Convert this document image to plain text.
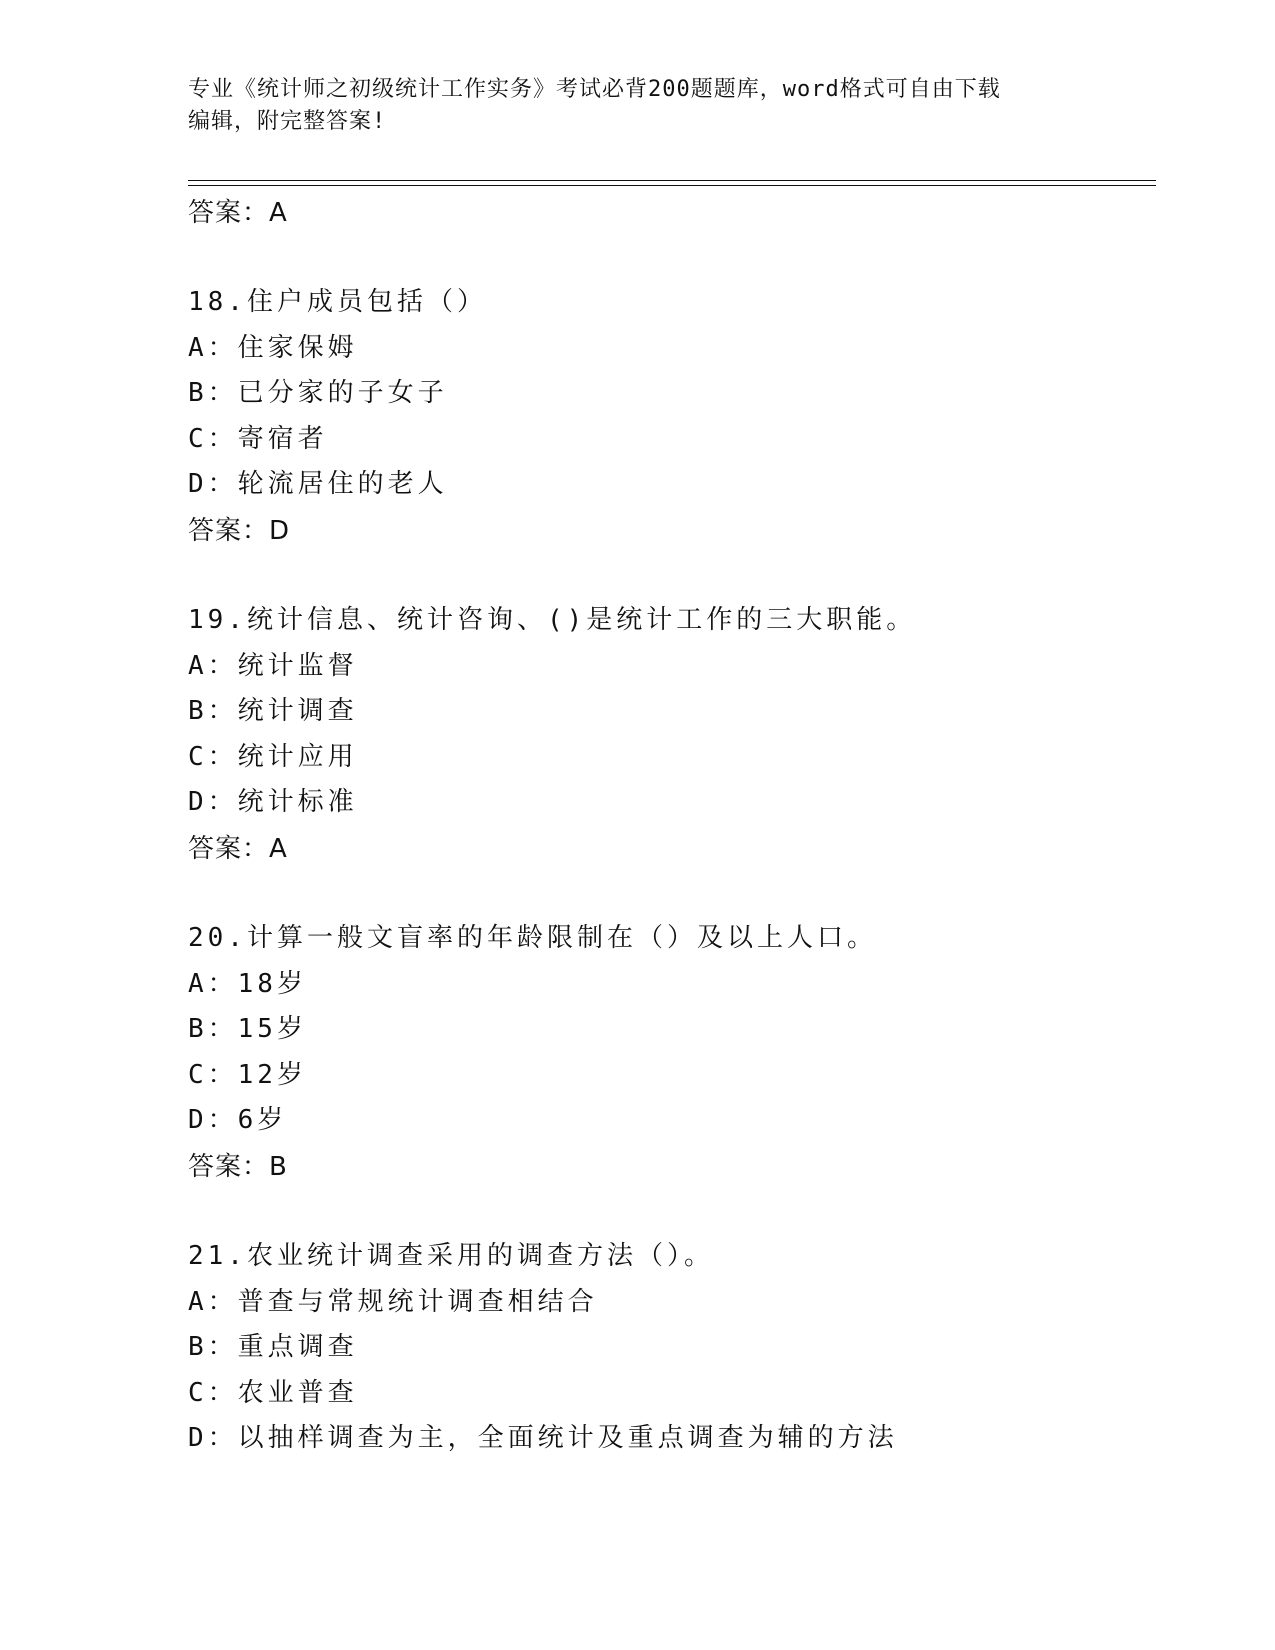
专业《统计师之初级统计工作实务》考试必背200题题库，word格式可自由下载
编辑，附完整答案!
答案：A
18.住户成员包括（）
A：住家保姆
B：已分家的子女子
C：寄宿者
D：轮流居住的老人
答案：D
19.统计信息、统计咨询、()是统计工作的三大职能。
A：统计监督
B：统计调查
C：统计应用
D：统计标准
答案：A
20.计算一般文盲率的年龄限制在（）及以上人口。
A：18岁
B：15岁
C：12岁
D：6岁
答案：B
21.农业统计调查采用的调查方法（）。
A：普查与常规统计调查相结合
B：重点调查
C：农业普查
D：以抽样调查为主，全面统计及重点调查为辅的方法
